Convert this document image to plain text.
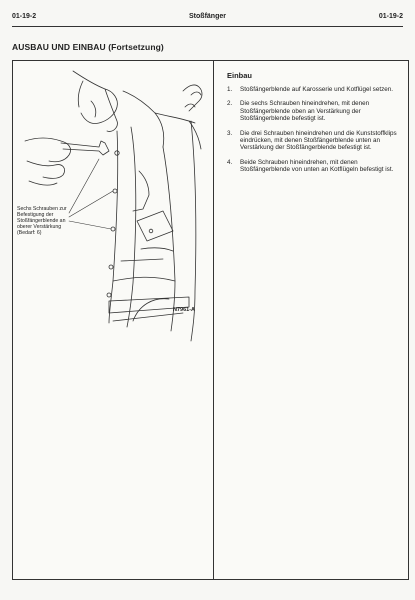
01-19-2	Stoßfänger	01-19-2
AUSBAU UND EINBAU (Fortsetzung)
Sechs Schrauben zur Befestigung der Stoßfängerblende an oberer Verstärkung (Bedarf: 6)
N7961-A
Einbau
1. Stoßfängerblende auf Karosserie und Kotflügel setzen.
2. Die sechs Schrauben hineindrehen, mit denen Stoßfängerblende oben an Verstärkung der Stoßfängerblende befestigt ist.
3. Die drei Schrauben hineindrehen und die Kunststoffklips eindrücken, mit denen Stoßfängerblende unten an Verstärkung der Stoßfängerblende befestigt ist.
4. Beide Schrauben hineindrehen, mit denen Stoßfängerblende von unten an Kotflügeln befestigt ist.
